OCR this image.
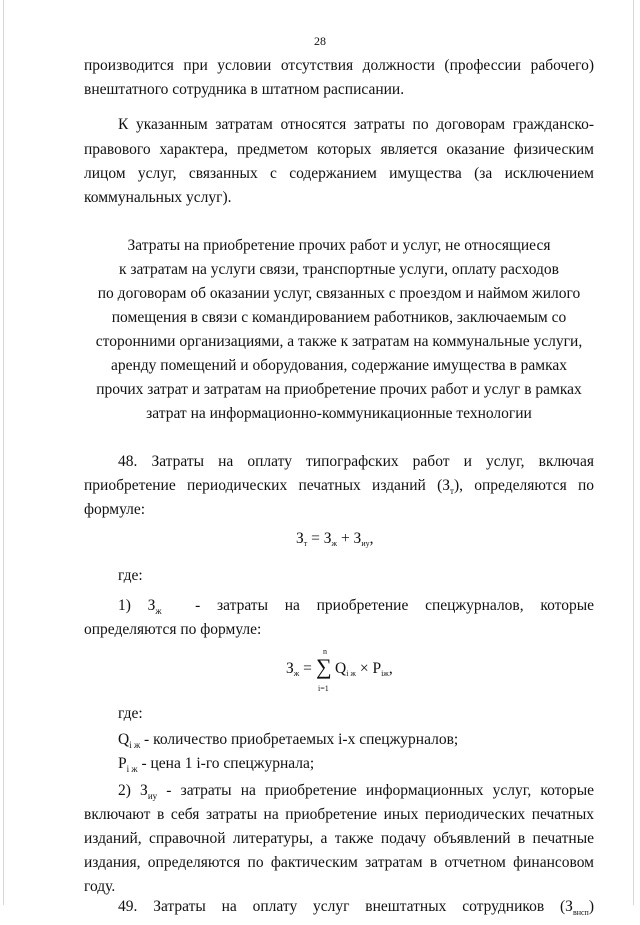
28
производится при условии отсутствия должности (профессии рабочего)
внештатного сотрудника в штатном расписании.
К указанным затратам относятся затраты по договорам гражданско-
правового характера, предметом которых является оказание физическим
лицом услуг, связанных с содержанием имущества (за исключением
коммунальных услуг).
Затраты на приобретение прочих работ и услуг, не относящиеся
к затратам на услуги связи, транспортные услуги, оплату расходов
по договорам об оказании услуг, связанных с проездом и наймом жилого
помещения в связи с командированием работников, заключаемым со
сторонними организациями, а также к затратам на коммунальные услуги,
аренду помещений и оборудования, содержание имущества в рамках
прочих затрат и затратам на приобретение прочих работ и услуг в рамках
затрат на информационно-коммуникационные технологии
48. Затраты на оплату типографских работ и услуг, включая
приобретение периодических печатных изданий $(З_т)$, определяются по
формуле:
$З_т = З_ж + З_{иу}$,
где:
1) $З_ж$ - затраты на приобретение спецжурналов, которые
определяются по формуле:
$З_ж$ =
n
∑
i=1
$Q_{i ж} \times P_{iж}$,
где:
$Q_{i ж}$ - количество приобретаемых i-х спецжурналов;
$P_{i ж}$ - цена 1 i-го спецжурнала;
2) $З_{иу}$ - затраты на приобретение информационных услуг, которые
включают в себя затраты на приобретение иных периодических печатных
изданий, справочной литературы, а также подачу объявлений в печатные
издания, определяются по фактическим затратам в отчетном финансовом
году.
49. Затраты на оплату услуг внештатных сотрудников $(З_{внсп})$
